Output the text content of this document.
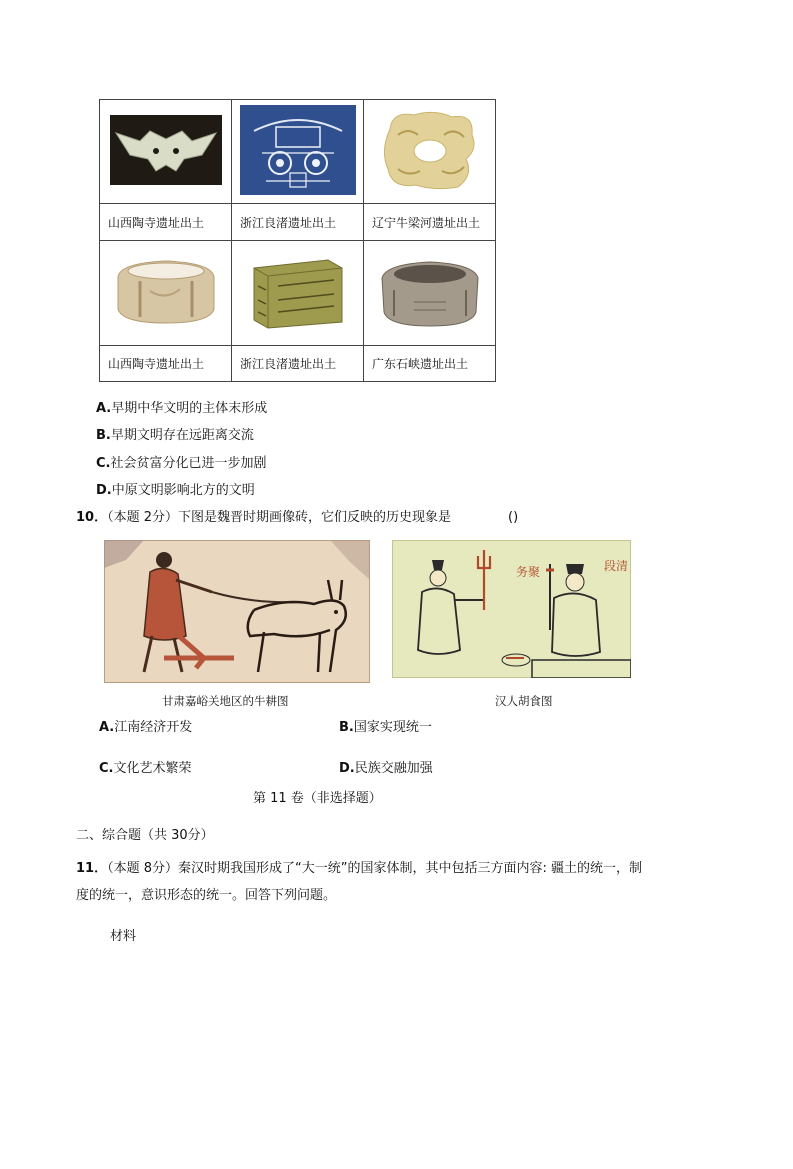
山西陶寺遗址出土	浙江良渚遗址出土	辽宁牛梁河遗址出土

山西陶寺遗址出土	浙江良渚遗址出土	广东石峡遗址出土
A.早期中华文明的主体末形成
B.早期文明存在远距离交流
C.社会贫富分化已进一步加剧
D.中原文明影响北方的文明
10．（本题 2分）下图是魏晋时期画像砖，它们反映的历史现象是	()
务聚	段清
甘肃嘉峪关地区的牛耕图	汉人胡食图
A.江南经济开发	B.国家实现统一
C.文化艺术繁荣	D.民族交融加强
第 11 卷（非选择题）
二、综合题（共 30分）
11．（本题 8分）秦汉时期我国形成了“大一统”的国家体制，其中包括三方面内容: 疆土的统一，制
度的统一，意识形态的统一。回答下列问题。
材料
